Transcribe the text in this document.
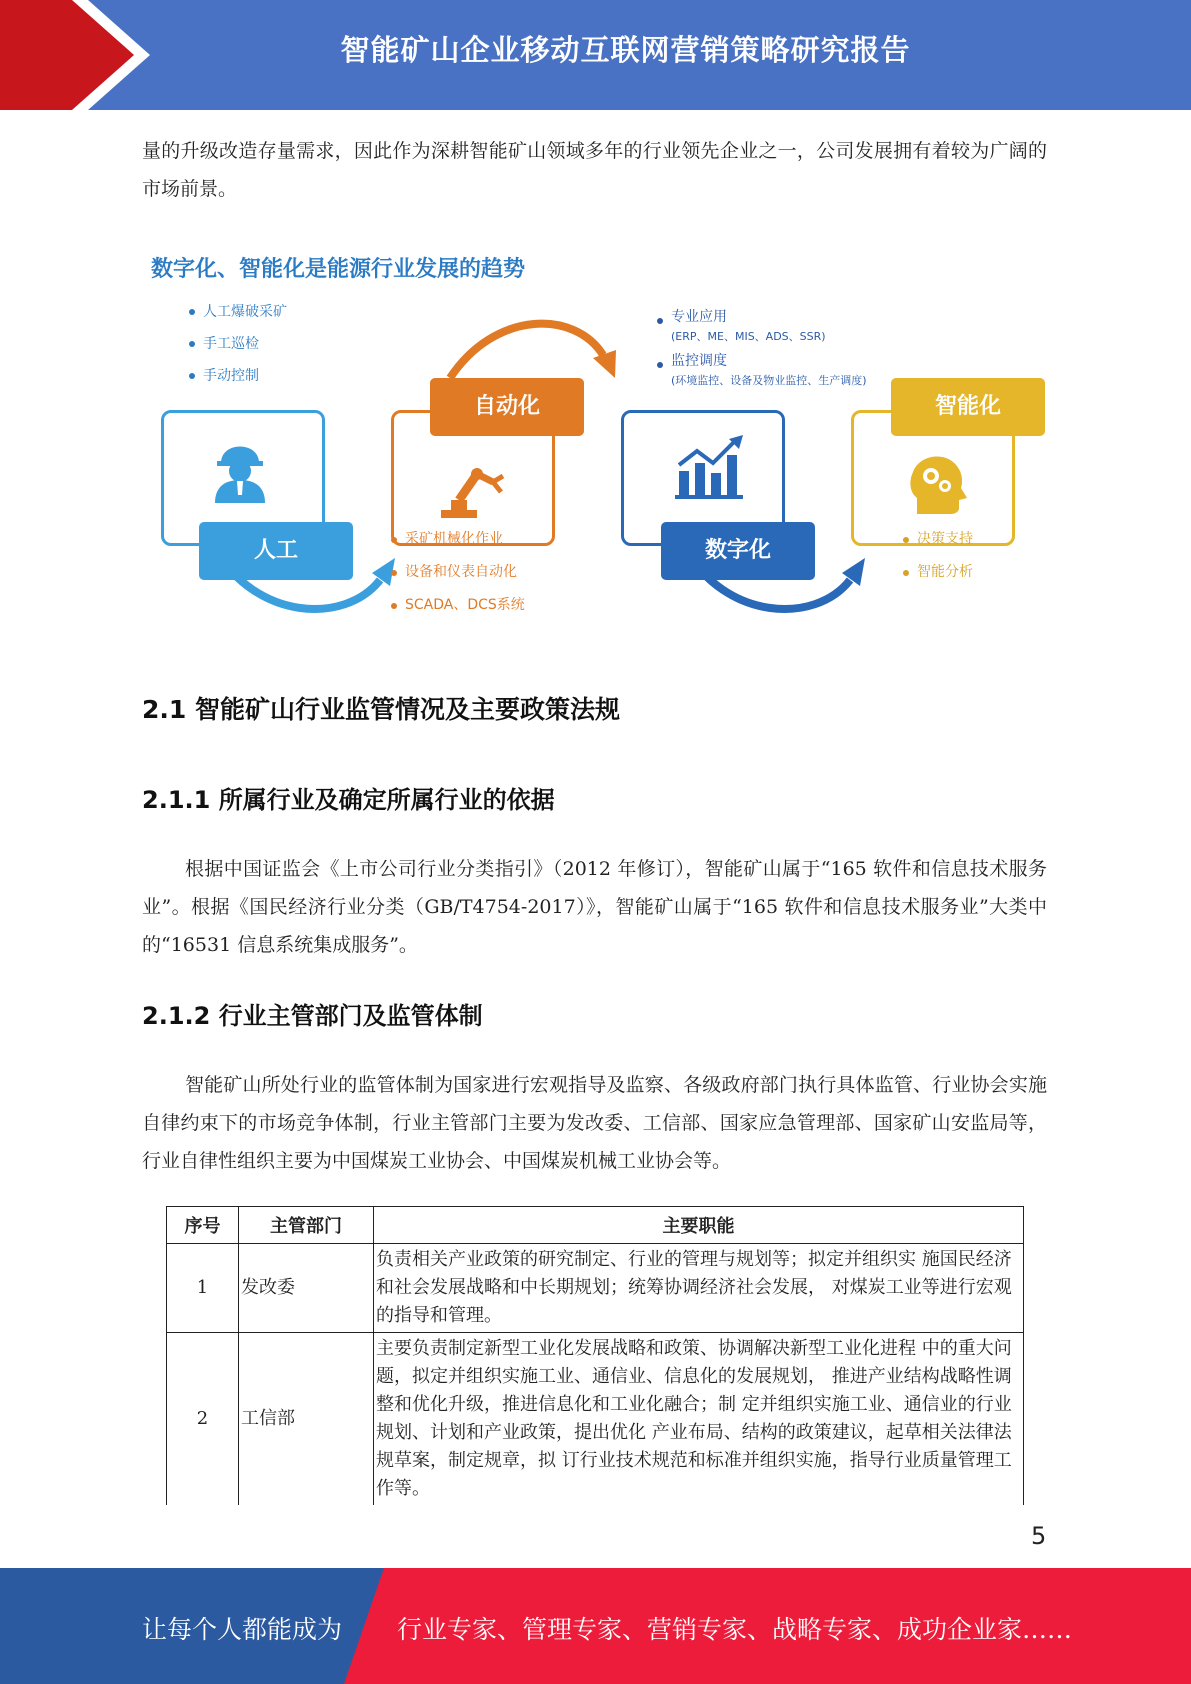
智能矿山企业移动互联网营销策略研究报告

量的升级改造存量需求，因此作为深耕智能矿山领域多年的行业领先企业之一，公司发展拥有着较为广阔的市场前景。

数字化、智能化是能源行业发展的趋势
人工爆破采矿
手工巡检
手动控制
人工
自动化
采矿机械化作业
设备和仪表自动化
SCADA、DCS系统
专业应用
(ERP、ME、MIS、ADS、SSR)
监控调度
(环境监控、设备及物业监控、生产调度)
数字化
智能化
决策支持
智能分析
2.1 智能矿山行业监管情况及主要政策法规
2.1.1 所属行业及确定所属行业的依据

根据中国证监会《上市公司行业分类指引》（2012 年修订），智能矿山属于“165 软件和信息技术服务业”。根据《国民经济行业分类（GB/T4754-2017）》，智能矿山属于“165 软件和信息技术服务业”大类中的“16531 信息系统集成服务”。

2.1.2 行业主管部门及监管体制

智能矿山所处行业的监管体制为国家进行宏观指导及监察、各级政府部门执行具体监管、行业协会实施自律约束下的市场竞争体制，行业主管部门主要为发改委、工信部、国家应急管理部、国家矿山安监局等，行业自律性组织主要为中国煤炭工业协会、中国煤炭机械工业协会等。

序号	主管部门	主要职能
1	发改委	负责相关产业政策的研究制定、行业的管理与规划等；拟定并组织实 施国民经济和社会发展战略和中长期规划；统筹协调经济社会发展， 对煤炭工业等进行宏观的指导和管理。
2	工信部	主要负责制定新型工业化发展战略和政策、协调解决新型工业化进程 中的重大问题，拟定并组织实施工业、通信业、信息化的发展规划， 推进产业结构战略性调整和优化升级，推进信息化和工业化融合；制 定并组织实施工业、通信业的行业规划、计划和产业政策，提出优化 产业布局、结构的政策建议，起草相关法律法规草案，制定规章，拟 订行业技术规范和标准并组织实施，指导行业质量管理工作等。
5
让每个人都能成为 行业专家、管理专家、营销专家、战略专家、成功企业家……
